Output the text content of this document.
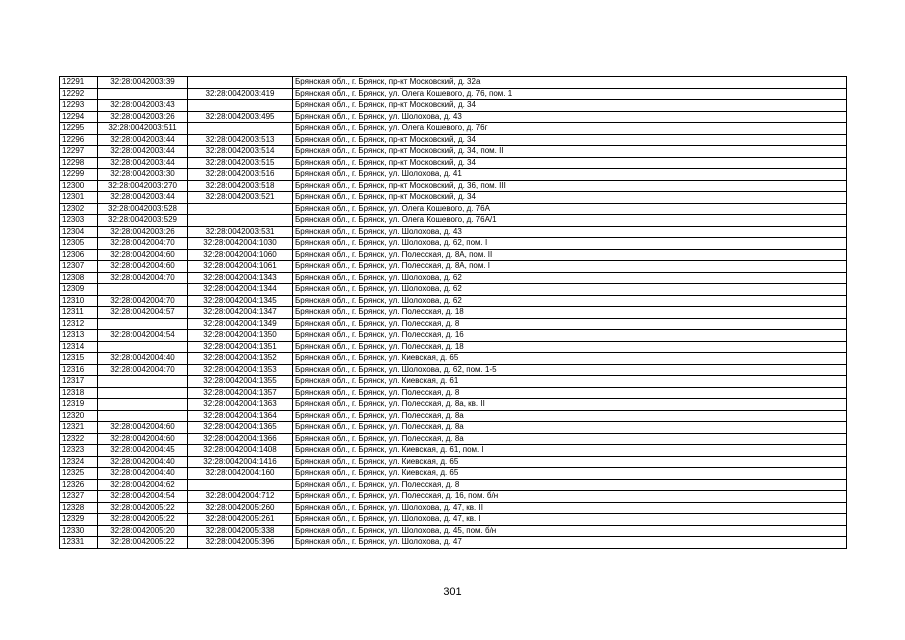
12291	32:28:0042003:39		Брянская обл., г. Брянск, пр-кт Московский, д. 32а
12292		32:28:0042003:419	Брянская обл., г. Брянск, ул. Олега Кошевого, д. 76, пом. 1
12293	32:28:0042003:43		Брянская обл., г. Брянск, пр-кт Московский, д. 34
12294	32:28:0042003:26	32:28:0042003:495	Брянская обл., г. Брянск, ул. Шолохова, д. 43
12295	32:28:0042003:511		Брянская обл., г. Брянск, ул. Олега Кошевого, д. 76г
12296	32:28:0042003:44	32:28:0042003:513	Брянская обл., г. Брянск, пр-кт Московский, д. 34
12297	32:28:0042003:44	32:28:0042003:514	Брянская обл., г. Брянск, пр-кт Московский, д. 34, пом. II
12298	32:28:0042003:44	32:28:0042003:515	Брянская обл., г. Брянск, пр-кт Московский, д. 34
12299	32:28:0042003:30	32:28:0042003:516	Брянская обл., г. Брянск, ул. Шолохова, д. 41
12300	32:28:0042003:270	32:28:0042003:518	Брянская обл., г. Брянск, пр-кт Московский, д. 36, пом. III
12301	32:28:0042003:44	32:28:0042003:521	Брянская обл., г. Брянск, пр-кт Московский, д. 34
12302	32:28:0042003:528		Брянская обл., г. Брянск, ул. Олега Кошевого, д. 76А
12303	32:28:0042003:529		Брянская обл., г. Брянск, ул. Олега Кошевого, д. 76А/1
12304	32:28:0042003:26	32:28:0042003:531	Брянская обл., г. Брянск, ул. Шолохова, д. 43
12305	32:28:0042004:70	32:28:0042004:1030	Брянская обл., г. Брянск, ул. Шолохова, д. 62, пом. I
12306	32:28:0042004:60	32:28:0042004:1060	Брянская обл., г. Брянск, ул. Полесская, д. 8А, пом. II
12307	32:28:0042004:60	32:28:0042004:1061	Брянская обл., г. Брянск, ул. Полесская, д. 8А, пом. I
12308	32:28:0042004:70	32:28:0042004:1343	Брянская обл., г. Брянск, ул. Шолохова, д. 62
12309		32:28:0042004:1344	Брянская обл., г. Брянск, ул. Шолохова, д. 62
12310	32:28:0042004:70	32:28:0042004:1345	Брянская обл., г. Брянск, ул. Шолохова, д. 62
12311	32:28:0042004:57	32:28:0042004:1347	Брянская обл., г. Брянск, ул. Полесская, д. 18
12312		32:28:0042004:1349	Брянская обл., г. Брянск, ул. Полесская, д. 8
12313	32:28:0042004:54	32:28:0042004:1350	Брянская обл., г. Брянск, ул. Полесская, д. 16
12314		32:28:0042004:1351	Брянская обл., г. Брянск, ул. Полесская, д. 18
12315	32:28:0042004:40	32:28:0042004:1352	Брянская обл., г. Брянск, ул. Киевская, д. 65
12316	32:28:0042004:70	32:28:0042004:1353	Брянская обл., г. Брянск, ул. Шолохова, д. 62, пом. 1-5
12317		32:28:0042004:1355	Брянская обл., г. Брянск, ул. Киевская, д. 61
12318		32:28:0042004:1357	Брянская обл., г. Брянск, ул. Полесская, д. 8
12319		32:28:0042004:1363	Брянская обл., г. Брянск, ул. Полесская, д. 8а, кв. II
12320		32:28:0042004:1364	Брянская обл., г. Брянск, ул. Полесская, д. 8а
12321	32:28:0042004:60	32:28:0042004:1365	Брянская обл., г. Брянск, ул. Полесская, д. 8а
12322	32:28:0042004:60	32:28:0042004:1366	Брянская обл., г. Брянск, ул. Полесская, д. 8а
12323	32:28:0042004:45	32:28:0042004:1408	Брянская обл., г. Брянск, ул. Киевская, д. 61, пом. I
12324	32:28:0042004:40	32:28:0042004:1416	Брянская обл., г. Брянск, ул. Киевская, д. 65
12325	32:28:0042004:40	32:28:0042004:160	Брянская обл., г. Брянск, ул. Киевская, д. 65
12326	32:28:0042004:62		Брянская обл., г. Брянск, ул. Полесская, д. 8
12327	32:28:0042004:54	32:28:0042004:712	Брянская обл., г. Брянск, ул. Полесская, д. 16, пом. б/н
12328	32:28:0042005:22	32:28:0042005:260	Брянская обл., г. Брянск, ул. Шолохова, д. 47, кв. II
12329	32:28:0042005:22	32:28:0042005:261	Брянская обл., г. Брянск, ул. Шолохова, д. 47, кв. I
12330	32:28:0042005:20	32:28:0042005:338	Брянская обл., г. Брянск, ул. Шолохова, д. 45, пом. б/н
12331	32:28:0042005:22	32:28:0042005:396	Брянская обл., г. Брянск, ул. Шолохова, д. 47
301
